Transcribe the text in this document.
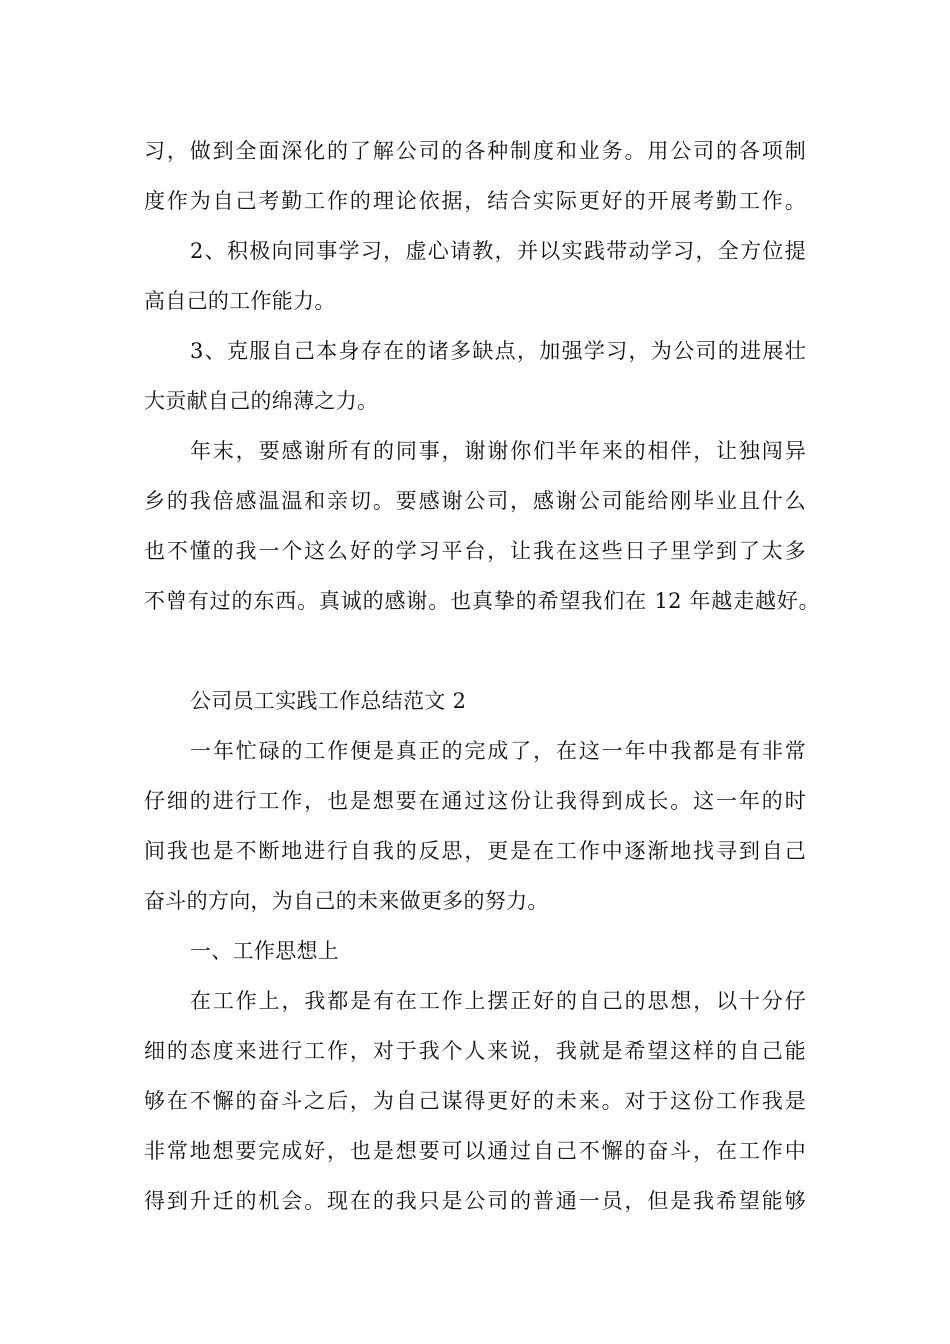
习，做到全面深化的了解公司的各种制度和业务。用公司的各项制
度作为自己考勤工作的理论依据，结合实际更好的开展考勤工作。
2、积极向同事学习，虚心请教，并以实践带动学习，全方位提
高自己的工作能力。
3、克服自己本身存在的诸多缺点，加强学习，为公司的进展壮
大贡献自己的绵薄之力。
年末，要感谢所有的同事，谢谢你们半年来的相伴，让独闯异
乡的我倍感温温和亲切。要感谢公司，感谢公司能给刚毕业且什么
也不懂的我一个这么好的学习平台，让我在这些日子里学到了太多
不曾有过的东西。真诚的感谢。也真挚的希望我们在 12 年越走越好。
公司员工实践工作总结范文 2
一年忙碌的工作便是真正的完成了，在这一年中我都是有非常
仔细的进行工作，也是想要在通过这份让我得到成长。这一年的时
间我也是不断地进行自我的反思，更是在工作中逐渐地找寻到自己
奋斗的方向，为自己的未来做更多的努力。
一、工作思想上
在工作上，我都是有在工作上摆正好的自己的思想，以十分仔
细的态度来进行工作，对于我个人来说，我就是希望这样的自己能
够在不懈的奋斗之后，为自己谋得更好的未来。对于这份工作我是
非常地想要完成好，也是想要可以通过自己不懈的奋斗，在工作中
得到升迁的机会。现在的我只是公司的普通一员，但是我希望能够
